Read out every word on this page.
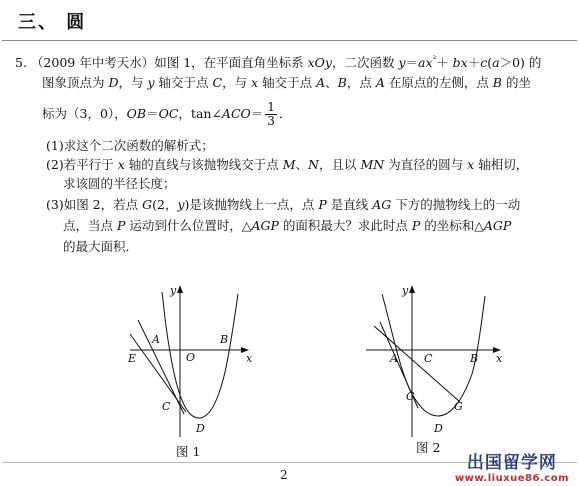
三、 圆
5. （2009 年中考天水）如图 1，在平面直角坐标系 xOy，二次函数 $y=ax^{^2}+ bx+c(a>0)$ 的
图象顶点为 D，与 y 轴交于点 C，与 x 轴交于点 A、B，点 A 在原点的左侧，点 B 的坐
标为（3，0），OB＝OC，tan∠ACO＝ $\frac{1}{3}$ ．
(1)求这个二次函数的解析式；
(2)若平行于 x 轴的直线与该抛物线交于点 M、N，且以 MN 为直径的圆与 x 轴相切，
求该圆的半径长度；
(3)如图 2，若点 G(2，y)是该抛物线上一点，点 P 是直线 AG 下方的抛物线上的一动
点，当点 P 运动到什么位置时，△AGP 的面积最大？求此时点 P 的坐标和△AGP
的最大面积．
y
x
A	B
O
E
C
D
图 1
y
x
A C	B
C
G
D
图 2
2
出国留学网
www.liuxue86.com
